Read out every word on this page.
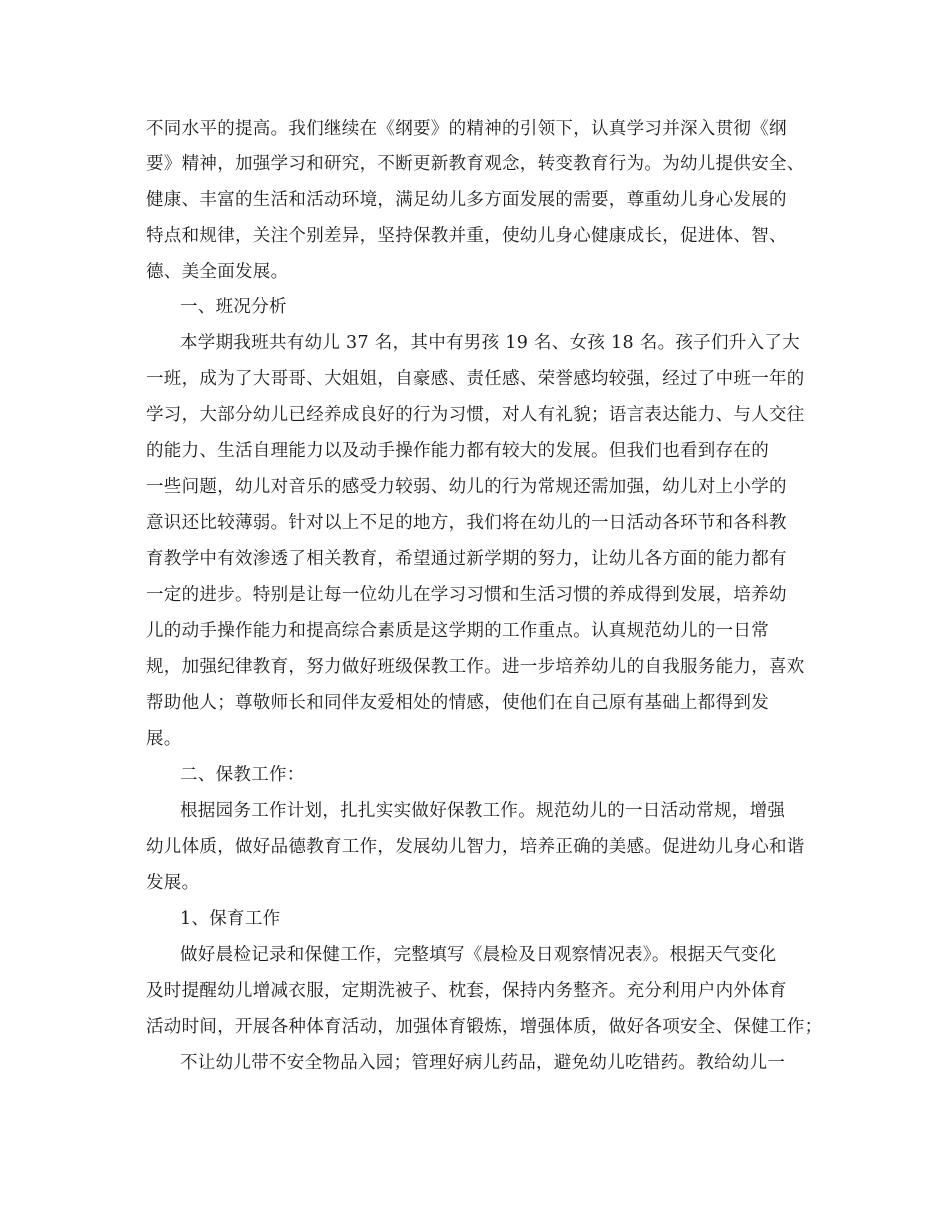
不同水平的提高。我们继续在《纲要》的精神的引领下，认真学习并深入贯彻《纲
要》精神，加强学习和研究，不断更新教育观念，转变教育行为。为幼儿提供安全、
健康、丰富的生活和活动环境，满足幼儿多方面发展的需要，尊重幼儿身心发展的
特点和规律，关注个别差异，坚持保教并重，使幼儿身心健康成长，促进体、智、
德、美全面发展。
一、班况分析
本学期我班共有幼儿 37 名，其中有男孩 19 名、女孩 18 名。孩子们升入了大
一班，成为了大哥哥、大姐姐，自豪感、责任感、荣誉感均较强，经过了中班一年的
学习，大部分幼儿已经养成良好的行为习惯，对人有礼貌；语言表达能力、与人交往
的能力、生活自理能力以及动手操作能力都有较大的发展。但我们也看到存在的
一些问题，幼儿对音乐的感受力较弱、幼儿的行为常规还需加强，幼儿对上小学的
意识还比较薄弱。针对以上不足的地方，我们将在幼儿的一日活动各环节和各科教
育教学中有效渗透了相关教育，希望通过新学期的努力，让幼儿各方面的能力都有
一定的进步。特别是让每一位幼儿在学习习惯和生活习惯的养成得到发展，培养幼
儿的动手操作能力和提高综合素质是这学期的工作重点。认真规范幼儿的一日常
规，加强纪律教育，努力做好班级保教工作。进一步培养幼儿的自我服务能力，喜欢
帮助他人；尊敬师长和同伴友爱相处的情感，使他们在自己原有基础上都得到发
展。
二、保教工作：
根据园务工作计划，扎扎实实做好保教工作。规范幼儿的一日活动常规，增强
幼儿体质，做好品德教育工作，发展幼儿智力，培养正确的美感。促进幼儿身心和谐
发展。
1、保育工作
做好晨检记录和保健工作，完整填写《晨检及日观察情况表》。根据天气变化
及时提醒幼儿增减衣服，定期洗被子、枕套，保持内务整齐。充分利用户内外体育
活动时间，开展各种体育活动，加强体育锻炼，增强体质，做好各项安全、保健工作；
不让幼儿带不安全物品入园；管理好病儿药品，避免幼儿吃错药。教给幼儿一
